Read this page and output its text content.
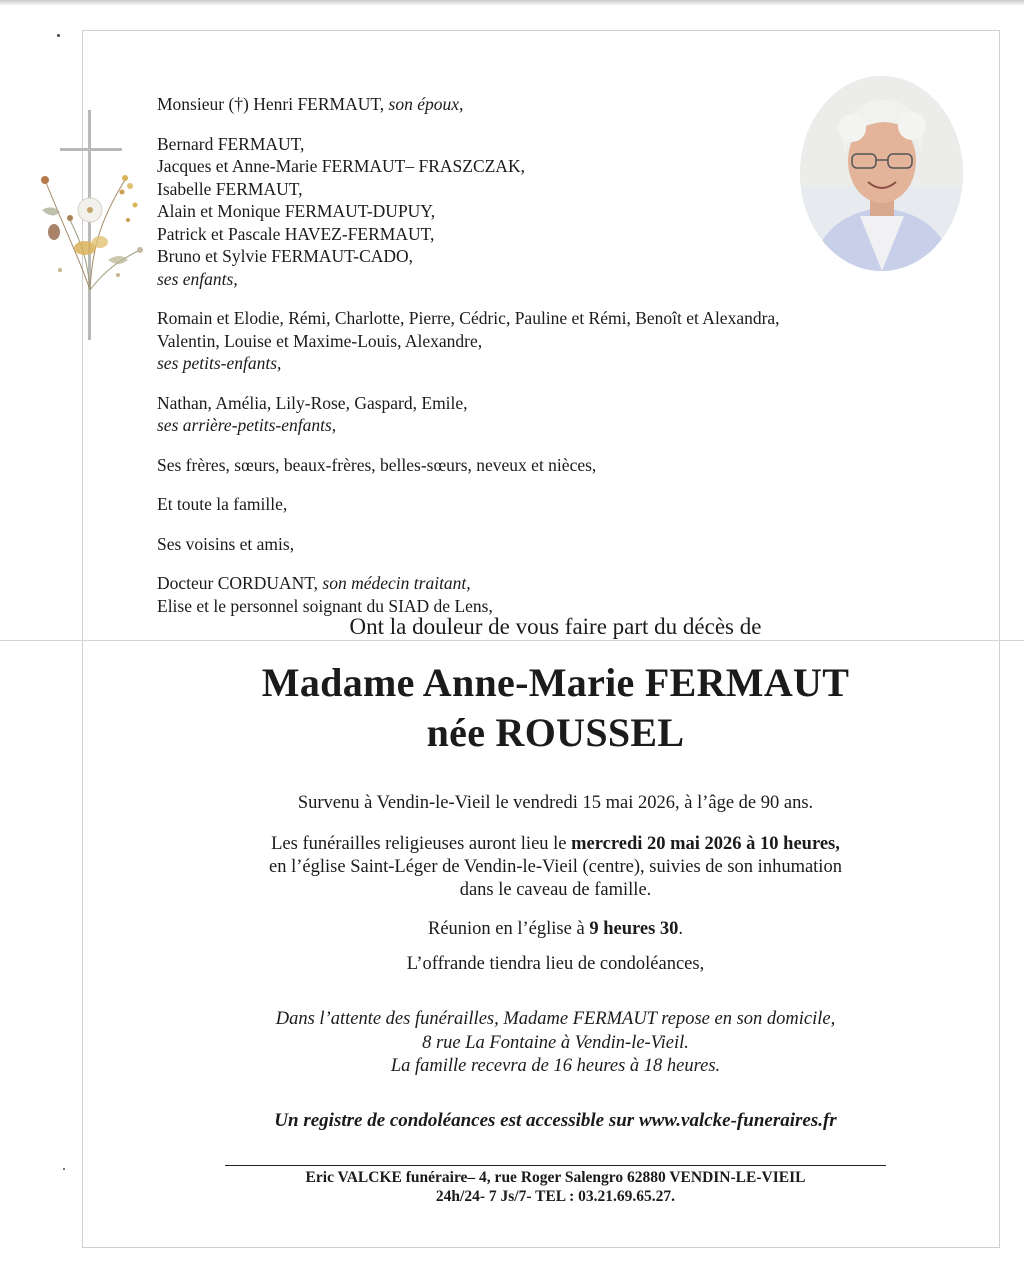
Monsieur (†) Henri FERMAUT, son époux,

Bernard FERMAUT,

Jacques et Anne-Marie FERMAUT– FRASZCZAK,

Isabelle FERMAUT,

Alain et Monique FERMAUT-DUPUY,

Patrick et Pascale HAVEZ-FERMAUT,

Bruno et Sylvie FERMAUT-CADO,

ses enfants,

Romain et Elodie, Rémi, Charlotte, Pierre, Cédric, Pauline et Rémi, Benoît et Alexandra,

Valentin, Louise et Maxime-Louis, Alexandre,

ses petits-enfants,

Nathan, Amélia, Lily-Rose, Gaspard, Emile,

ses arrière-petits-enfants,

Ses frères, sœurs, beaux-frères, belles-sœurs, neveux et nièces,

Et toute la famille,

Ses voisins et amis,

Docteur CORDUANT, son médecin traitant,

Elise et le personnel soignant du SIAD de Lens,

Ont la douleur de vous faire part du décès de
Madame Anne-Marie FERMAUT
née ROUSSEL
Survenu à Vendin-le-Vieil le vendredi 15 mai 2026, à l’âge de 90 ans.
Les funérailles religieuses auront lieu le mercredi 20 mai 2026 à 10 heures,
en l’église Saint-Léger de Vendin-le-Vieil (centre), suivies de son inhumation
dans le caveau de famille.
Réunion en l’église à 9 heures 30.
L’offrande tiendra lieu de condoléances,
Dans l’attente des funérailles, Madame FERMAUT repose en son domicile,
8 rue La Fontaine à Vendin-le-Vieil.
La famille recevra de 16 heures à 18 heures.
Un registre de condoléances est accessible sur www.valcke-funeraires.fr
Eric VALCKE funéraire– 4, rue Roger Salengro 62880 VENDIN-LE-VIEIL
24h/24- 7 Js/7- TEL : 03.21.69.65.27.
